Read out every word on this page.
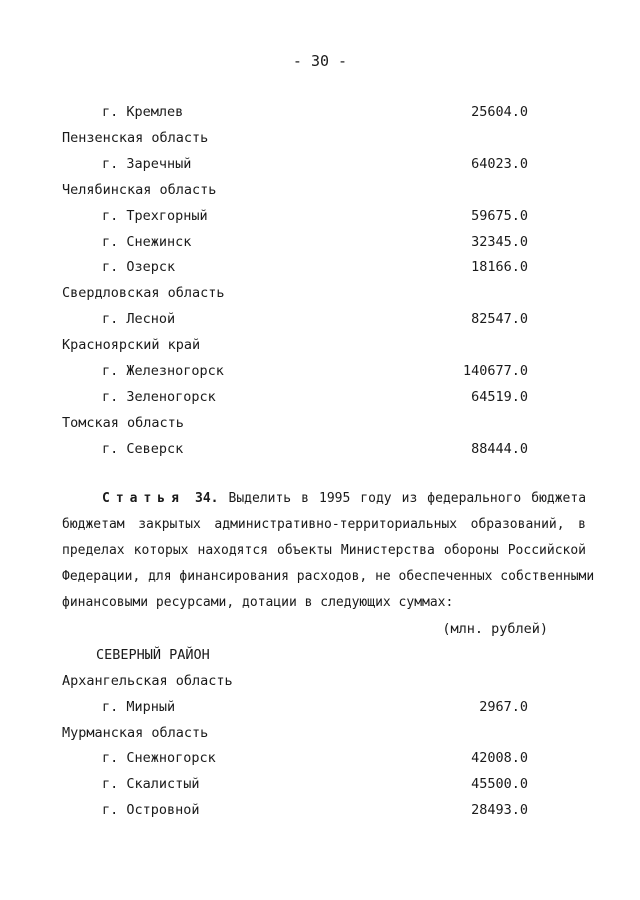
- 30 -
г. Кремлев	25604.0
Пензенская область
г. Заречный	64023.0
Челябинская область
г. Трехгорный	59675.0
г. Снежинск	32345.0
г. Озерск	18166.0
Свердловская область
г. Лесной	82547.0
Красноярский край
г. Железногорск	140677.0
г. Зеленогорск	64519.0
Томская область
г. Северск	88444.0
Статья 34. Выделить в 1995 году из федерального бюджета
бюджетам закрытых административно-территориальных образований, в
пределах которых находятся объекты Министерства обороны Российской
Федерации, для финансирования расходов, не обеспеченных собственными
финансовыми ресурсами, дотации в следующих суммах:
(млн. рублей)
СЕВЕРНЫЙ РАЙОН
Архангельская область
г. Мирный	2967.0
Мурманская область
г. Снежногорск	42008.0
г. Скалистый	45500.0
г. Островной	28493.0
